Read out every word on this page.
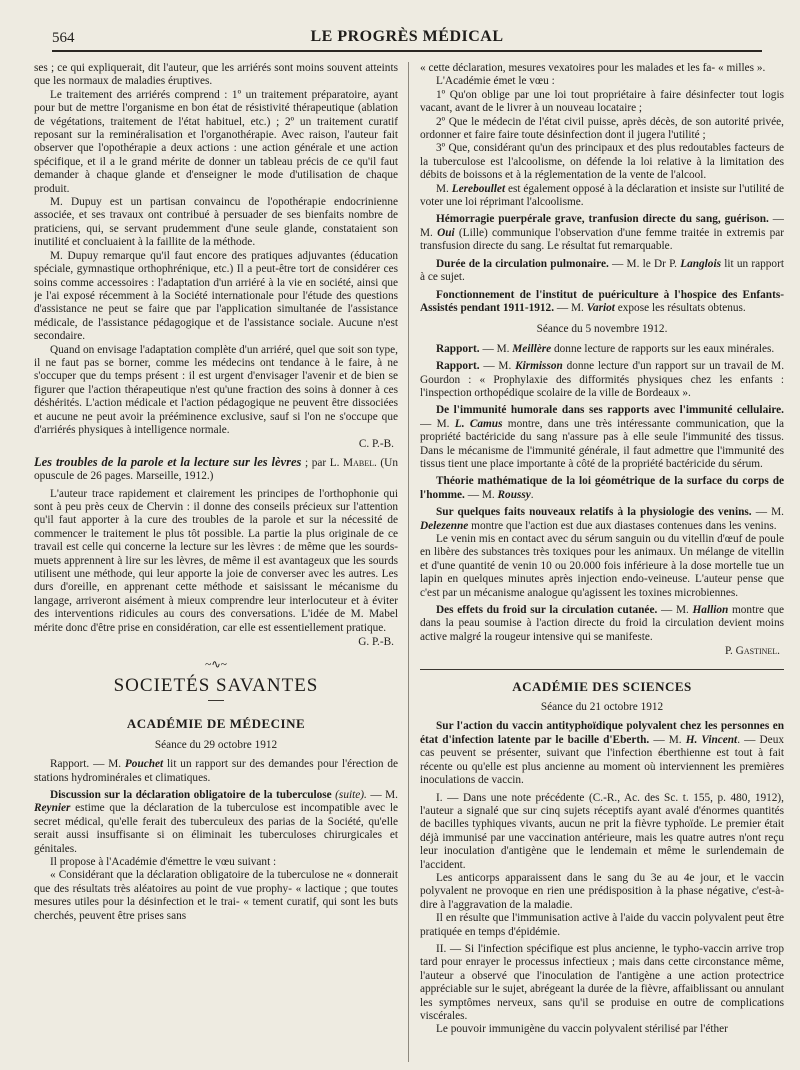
564	LE PROGRÈS MÉDICAL

ses ; ce qui expliquerait, dit l'auteur, que les arriérés sont moins souvent atteints que les normaux de maladies éruptives.

Le traitement des arriérés comprend : 1º un traitement préparatoire, ayant pour but de mettre l'organisme en bon état de résistivité thérapeutique (ablation de végétations, traitement de l'état habituel, etc.) ; 2º un traitement curatif reposant sur la reminéralisation et l'organothérapie. Avec raison, l'auteur fait observer que l'opothérapie a deux actions : une action générale et une action spécifique, et il a le grand mérite de donner un tableau précis de ce qu'il faut demander à chaque glande et d'enseigner le mode d'utilisation de chaque produit.

M. Dupuy est un partisan convaincu de l'opothérapie endocrinienne associée, et ses travaux ont contribué à persuader de ses bienfaits nombre de praticiens, qui, se servant prudemment d'une seule glande, constataient son inutilité et concluaient à la faillite de la méthode.

M. Dupuy remarque qu'il faut encore des pratiques adjuvantes (éducation spéciale, gymnastique orthophrénique, etc.) Il a peut-être tort de considérer ces soins comme accessoires : l'adaptation d'un arriéré à la vie en société, ainsi que je l'ai exposé récemment à la Société internationale pour l'étude des questions d'assistance ne peut se faire que par l'application simultanée de l'assistance médicale, de l'assistance pédagogique et de l'assistance sociale. Aucune n'est secondaire.

Quand on envisage l'adaptation complète d'un arriéré, quel que soit son type, il ne faut pas se borner, comme les médecins ont tendance à le faire, à ne s'occuper que du temps présent : il est urgent d'envisager l'avenir et de bien se figurer que l'action thérapeutique n'est qu'une fraction des soins à donner à ces déshérités. L'action médicale et l'action pédagogique ne peuvent être dissociées et aucune ne peut avoir la prééminence exclusive, sauf si l'on ne s'occupe que d'arriérés physiques à intelligence normale.

C. P.-B.

Les troubles de la parole et la lecture sur les lèvres ; par L. Mabel. (Un opuscule de 26 pages. Marseille, 1912.)

L'auteur trace rapidement et clairement les principes de l'orthophonie qui sont à peu près ceux de Chervin : il donne des conseils précieux sur l'attention qu'il faut apporter à la cure des troubles de la parole et sur la nécessité de commencer le traitement le plus tôt possible. La partie la plus originale de ce travail est celle qui concerne la lecture sur les lèvres : de même que les sourds-muets apprennent à lire sur les lèvres, de même il est avantageux que les sourds utilisent une méthode, qui leur apporte la joie de converser avec les autres. Les durs d'oreille, en apprenant cette méthode et saisissant le mécanisme du langage, arriveront aisément à mieux comprendre leur interlocuteur et à éviter des interventions ridicules au cours des conversations. L'idée de M. Mabel mérite donc d'être prise en considération, car elle est essentiellement pratique.

G. P.-B.
~∿~
SOCIETÉS SAVANTES
ACADÉMIE DE MÉDECINE
Séance du 29 octobre 1912

Rapport. — M. Pouchet lit un rapport sur des demandes pour l'érection de stations hydrominérales et climatiques.

Discussion sur la déclaration obligatoire de la tuberculose (suite). — M. Reynier estime que la déclaration de la tuberculose est incompatible avec le secret médical, qu'elle ferait des tuberculeux des parias de la Société, qu'elle serait aussi insuffisante si on éliminait les tuberculoses chirurgicales et génitales.

Il propose à l'Académie d'émettre le vœu suivant :

« Considérant que la déclaration obligatoire de la tuberculose ne « donnerait que des résultats très aléatoires au point de vue prophy- « lactique ; que toutes mesures utiles pour la désinfection et le trai- « tement curatif, qui sont les buts cherchés, peuvent être prises sans

« cette déclaration, mesures vexatoires pour les malades et les fa- « milles ».

L'Académie émet le vœu :

1º Qu'on oblige par une loi tout propriétaire à faire désinfecter tout logis vacant, avant de le livrer à un nouveau locataire ;

2º Que le médecin de l'état civil puisse, après décès, de son autorité privée, ordonner et faire faire toute désinfection dont il jugera l'utilité ;

3º Que, considérant qu'un des principaux et des plus redoutables facteurs de la tuberculose est l'alcoolisme, on défende la loi relative à la limitation des débits de boissons et à la réglementation de la vente de l'alcool.

M. Lereboullet est également opposé à la déclaration et insiste sur l'utilité de voter une loi réprimant l'alcoolisme.

Hémorragie puerpérale grave, tranfusion directe du sang, guérison. — M. Oui (Lille) communique l'observation d'une femme traitée in extremis par transfusion directe du sang. Le résultat fut remarquable.

Durée de la circulation pulmonaire. — M. le Dr P. Langlois lit un rapport à ce sujet.

Fonctionnement de l'institut de puériculture à l'hospice des Enfants-Assistés pendant 1911-1912. — M. Variot expose les résultats obtenus.

Séance du 5 novembre 1912.

Rapport. — M. Meillère donne lecture de rapports sur les eaux minérales.

Rapport. — M. Kirmisson donne lecture d'un rapport sur un travail de M. Gourdon : « Prophylaxie des difformités physiques chez les enfants : l'inspection orthopédique scolaire de la ville de Bordeaux ».

De l'immunité humorale dans ses rapports avec l'immunité cellulaire. — M. L. Camus montre, dans une très intéressante communication, que la propriété bactéricide du sang n'assure pas à elle seule l'immunité des tissus. Dans le mécanisme de l'immunité générale, il faut admettre que l'immunité des tissus tient une place importante à côté de la propriété bactéricide du sérum.

Théorie mathématique de la loi géométrique de la surface du corps de l'homme. — M. Roussy.

Sur quelques faits nouveaux relatifs à la physiologie des venins. — M. Delezenne montre que l'action est due aux diastases contenues dans les venins.

Le venin mis en contact avec du sérum sanguin ou du vitellin d'œuf de poule en libère des substances très toxiques pour les animaux. Un mélange de vitellin et d'une quantité de venin 10 ou 20.000 fois inférieure à la dose mortelle tue un lapin en quelques minutes après injection endo-veineuse. L'auteur pense que c'est par un mécanisme analogue qu'agissent les toxines microbiennes.

Des effets du froid sur la circulation cutanée. — M. Hallion montre que dans la peau soumise à l'action directe du froid la circulation devient moins active malgré la rougeur intensive qui se manifeste.

P. Gastinel.
ACADÉMIE DES SCIENCES
Séance du 21 octobre 1912

Sur l'action du vaccin antityphoïdique polyvalent chez les personnes en état d'infection latente par le bacille d'Eberth. — M. H. Vincent. — Deux cas peuvent se présenter, suivant que l'infection éberthienne est tout à fait récente ou qu'elle est plus ancienne au moment où interviennent les premières inoculations de vaccin.

I. — Dans une note précédente (C.-R., Ac. des Sc. t. 155, p. 480, 1912), l'auteur a signalé que sur cinq sujets réceptifs ayant avalé d'énormes quantités de bacilles typhiques vivants, aucun ne prit la fièvre typhoïde. Le premier était déjà immunisé par une vaccination antérieure, mais les quatre autres n'ont reçu leur inoculation d'antigène que le lendemain et même le surlendemain de l'accident.

Les anticorps apparaissent dans le sang du 3e au 4e jour, et le vaccin polyvalent ne provoque en rien une prédisposition à la phase négative, c'est-à-dire à l'aggravation de la maladie.

Il en résulte que l'immunisation active à l'aide du vaccin polyvalent peut être pratiquée en temps d'épidémie.

II. — Si l'infection spécifique est plus ancienne, le typho-vaccin arrive trop tard pour enrayer le processus infectieux ; mais dans cette circonstance même, l'auteur a observé que l'inoculation de l'antigène a une action protectrice appréciable sur le sujet, abrégeant la durée de la fièvre, affaiblissant ou annulant les symptômes nerveux, sans qu'il se produise en outre de complications viscérales.

Le pouvoir immunigène du vaccin polyvalent stérilisé par l'éther
